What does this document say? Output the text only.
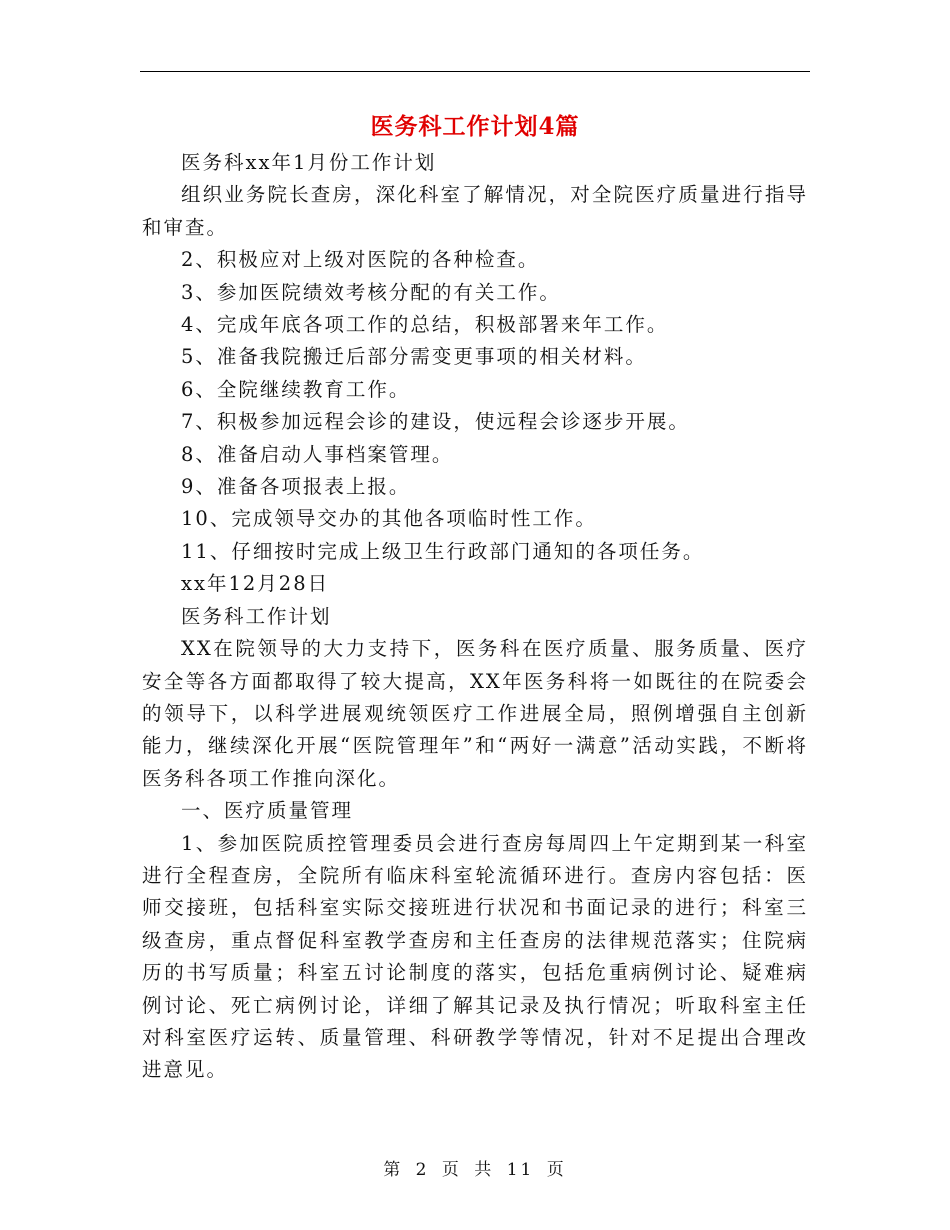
医务科工作计划4篇

医务科xx年1月份工作计划

组织业务院长查房，深化科室了解情况，对全院医疗质量进行指导和审查。

2、积极应对上级对医院的各种检查。

3、参加医院绩效考核分配的有关工作。

4、完成年底各项工作的总结，积极部署来年工作。

5、准备我院搬迁后部分需变更事项的相关材料。

6、全院继续教育工作。

7、积极参加远程会诊的建设，使远程会诊逐步开展。

8、准备启动人事档案管理。

9、准备各项报表上报。

10、完成领导交办的其他各项临时性工作。

11、仔细按时完成上级卫生行政部门通知的各项任务。

xx年12月28日

医务科工作计划

XX在院领导的大力支持下，医务科在医疗质量、服务质量、医疗安全等各方面都取得了较大提高，XX年医务科将一如既往的在院委会的领导下，以科学进展观统领医疗工作进展全局，照例增强自主创新能力，继续深化开展“医院管理年”和“两好一满意”活动实践，不断将医务科各项工作推向深化。

一、医疗质量管理

1、参加医院质控管理委员会进行查房每周四上午定期到某一科室进行全程查房，全院所有临床科室轮流循环进行。查房内容包括：医师交接班，包括科室实际交接班进行状况和书面记录的进行；科室三级查房，重点督促科室教学查房和主任查房的法律规范落实；住院病历的书写质量；科室五讨论制度的落实，包括危重病例讨论、疑难病例讨论、死亡病例讨论，详细了解其记录及执行情况；听取科室主任对科室医疗运转、质量管理、科研教学等情况，针对不足提出合理改进意见。

第 2 页 共 11 页
